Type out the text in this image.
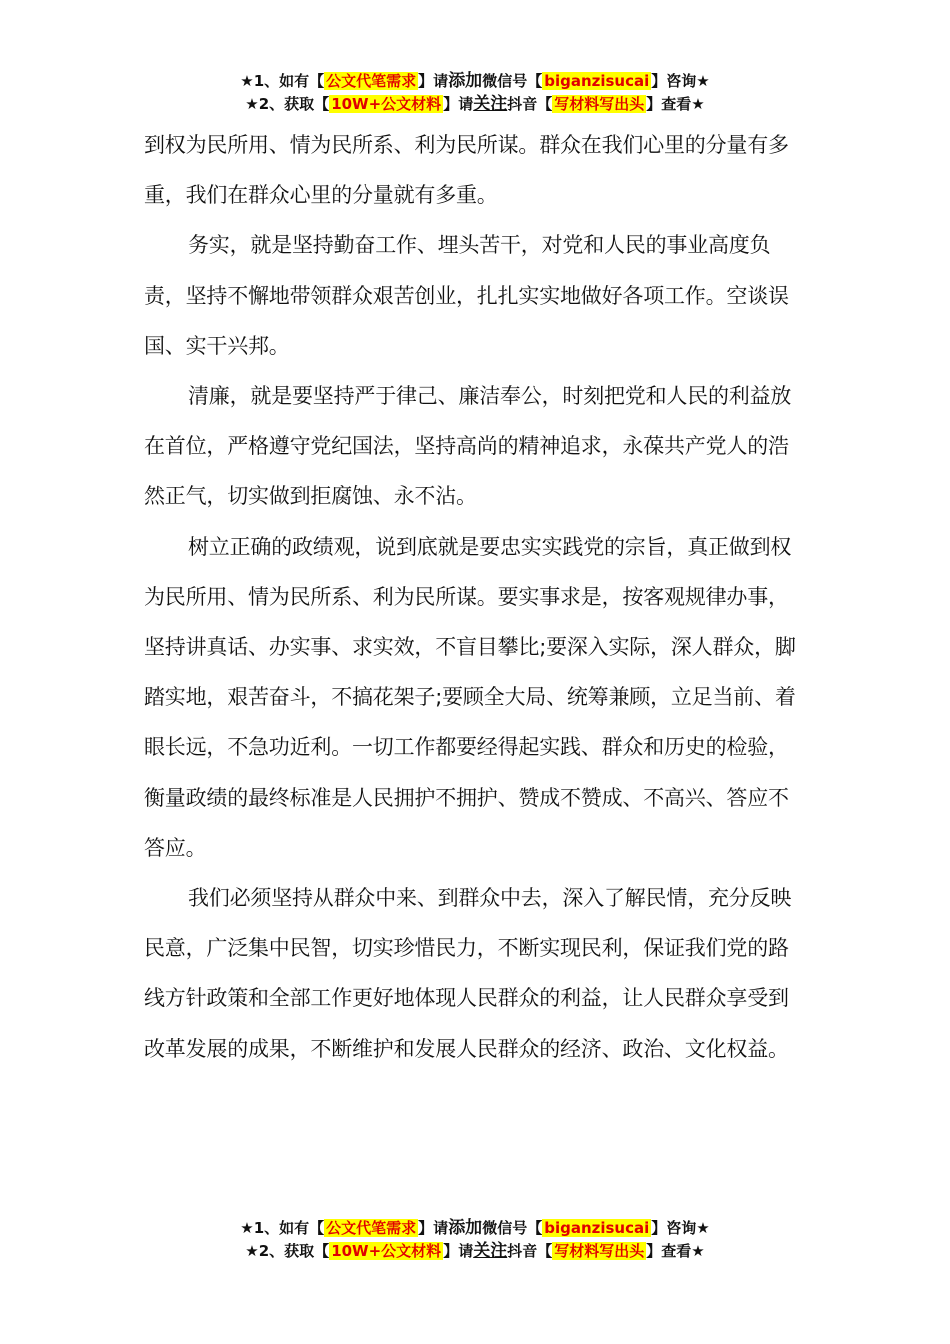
★1、如有【 公文代笔需求 】请添加微信号【 biganzisucai 】咨询★
★2、获取【 10W+公文材料 】请关注抖音【 写材料写出头 】查看★

到权为民所用、情为民所系、利为民所谋。群众在我们心里的分量有多重，我们在群众心里的分量就有多重。

务实，就是坚持勤奋工作、埋头苦干，对党和人民的事业高度负责，坚持不懈地带领群众艰苦创业，扎扎实实地做好各项工作。空谈误国、实干兴邦。

清廉，就是要坚持严于律己、廉洁奉公，时刻把党和人民的利益放在首位，严格遵守党纪国法，坚持高尚的精神追求，永葆共产党人的浩然正气，切实做到拒腐蚀、永不沾。

树立正确的政绩观，说到底就是要忠实实践党的宗旨，真正做到权为民所用、情为民所系、利为民所谋。要实事求是，按客观规律办事，坚持讲真话、办实事、求实效，不盲目攀比;要深入实际，深人群众，脚踏实地，艰苦奋斗，不搞花架子;要顾全大局、统筹兼顾，立足当前、着眼长远，不急功近利。一切工作都要经得起实践、群众和历史的检验，衡量政绩的最终标准是人民拥护不拥护、赞成不赞成、不高兴、答应不答应。

我们必须坚持从群众中来、到群众中去，深入了解民情，充分反映民意，广泛集中民智，切实珍惜民力，不断实现民利，保证我们党的路线方针政策和全部工作更好地体现人民群众的利益，让人民群众享受到改革发展的成果，不断维护和发展人民群众的经济、政治、文化权益。

★1、如有【 公文代笔需求 】请添加微信号【 biganzisucai 】咨询★
★2、获取【 10W+公文材料 】请关注抖音【 写材料写出头 】查看★
